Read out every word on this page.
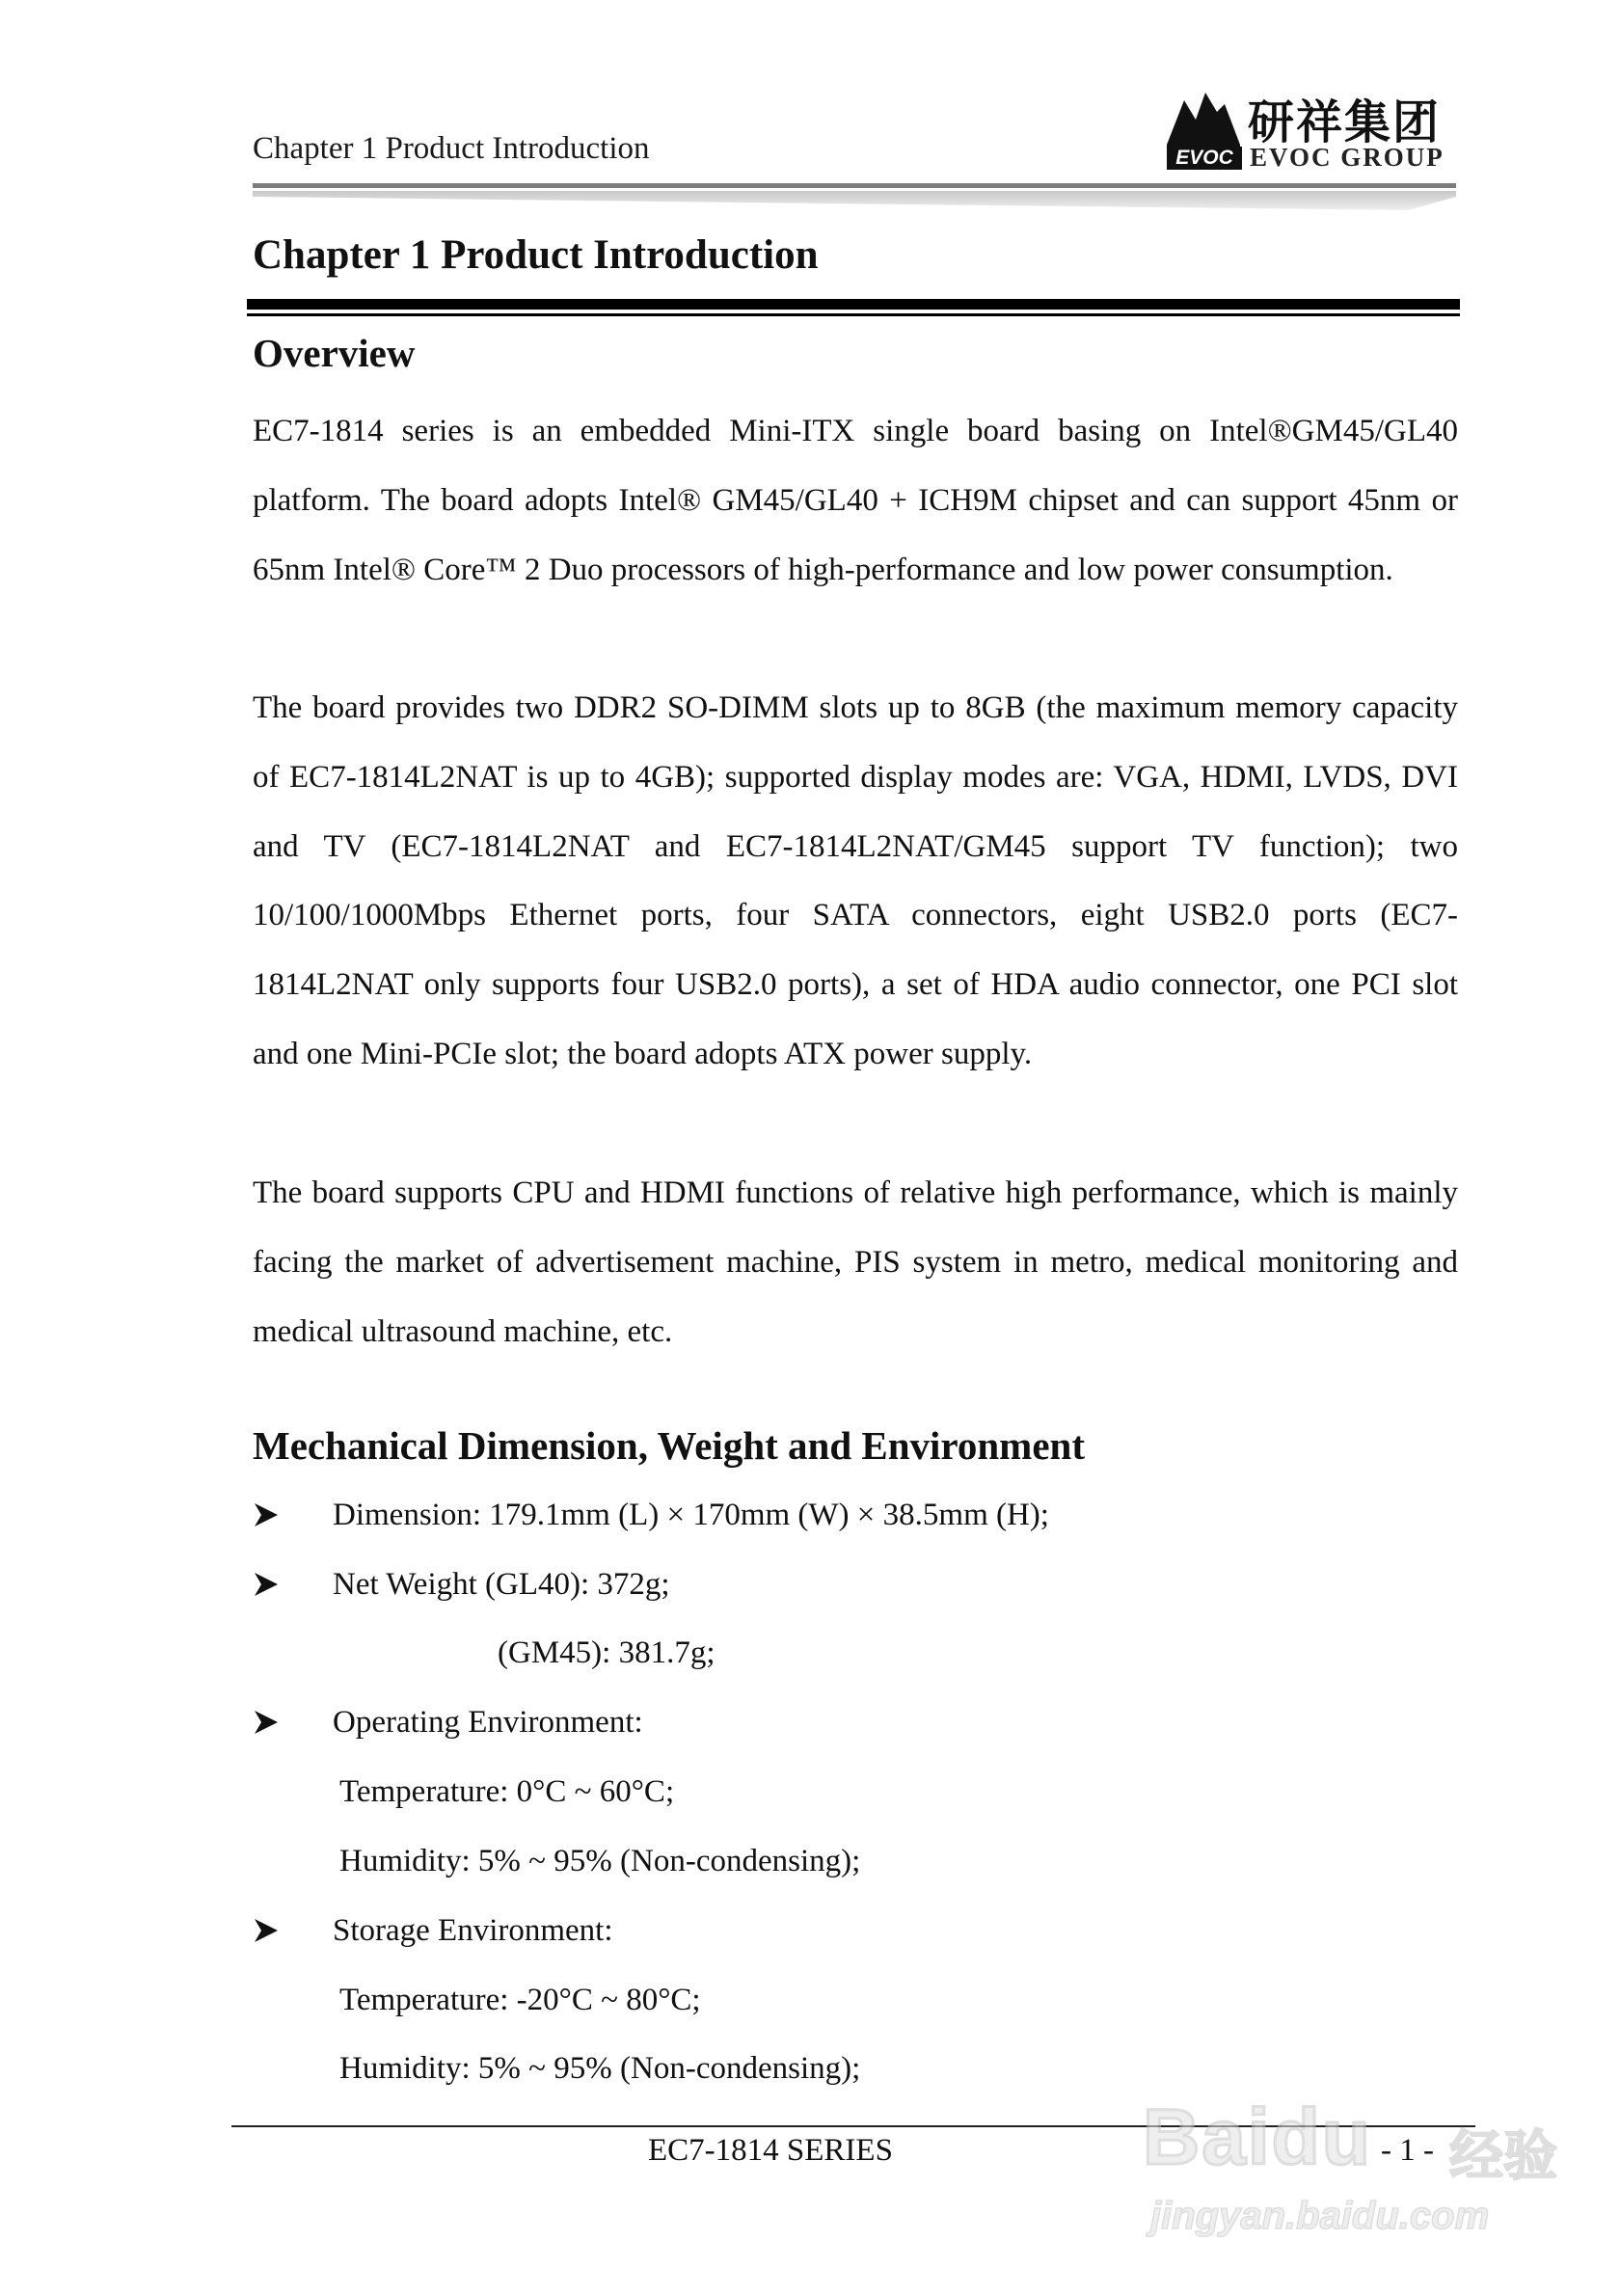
Chapter 1 Product Introduction	EVOC
研祥集团
EVOC GROUP
Chapter 1 Product Introduction
Overview

EC7-1814 series is an embedded Mini-ITX single board basing on Intel®GM45/GL40 platform. The board adopts Intel® GM45/GL40 + ICH9M chipset and can support 45nm or 65nm Intel® Core™ 2 Duo processors of high-performance and low power consumption.

The board provides two DDR2 SO-DIMM slots up to 8GB (the maximum memory capacity of EC7-1814L2NAT is up to 4GB); supported display modes are: VGA, HDMI, LVDS, DVI and TV (EC7-1814L2NAT and EC7-1814L2NAT/GM45 support TV function); two 10/100/1000Mbps Ethernet ports, four SATA connectors, eight USB2.0 ports (EC7-1814L2NAT only supports four USB2.0 ports), a set of HDA audio connector, one PCI slot and one Mini-PCIe slot; the board adopts ATX power supply.

The board supports CPU and HDMI functions of relative high performance, which is mainly facing the market of advertisement machine, PIS system in metro, medical monitoring and medical ultrasound machine, etc.

Mechanical Dimension, Weight and Environment
Dimension: 179.1mm (L) × 170mm (W) × 38.5mm (H);
Net Weight (GL40): 372g;
(GM45): 381.7g;
Operating Environment:
Temperature: 0°C ~ 60°C;
Humidity: 5% ~ 95% (Non-condensing);
Storage Environment:
Temperature: -20°C ~ 80°C;
Humidity: 5% ~ 95% (Non-condensing);
EC7-1814 SERIES	- 1 -
Baidu 经验
jingyan.baidu.com
